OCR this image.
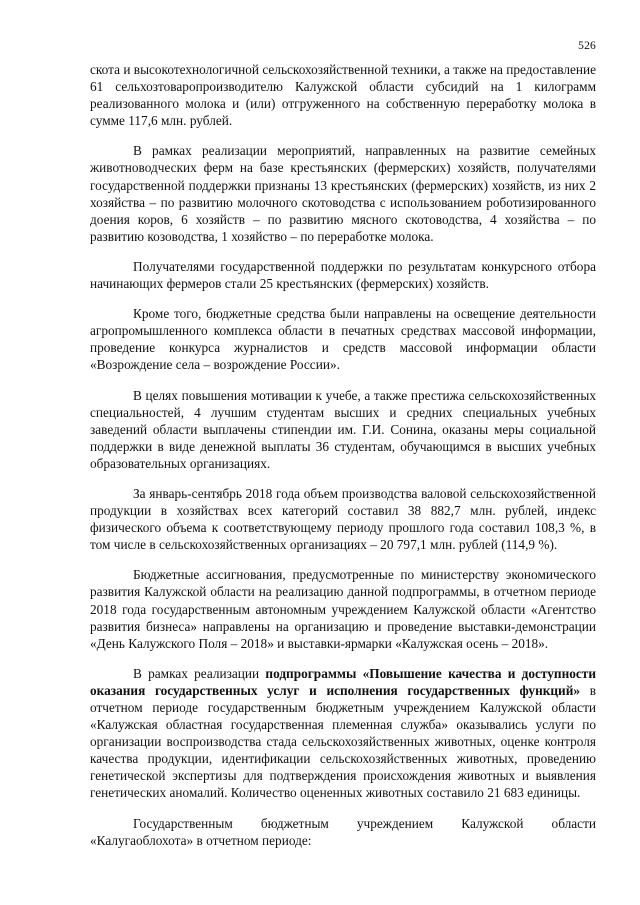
526

скота и высокотехнологичной сельскохозяйственной техники, а также на предоставление 61 сельхозтоваропроизводителю Калужской области субсидий на 1 килограмм реализованного молока и (или) отгруженного на собственную переработку молока в сумме 117,6 млн. рублей.

В рамках реализации мероприятий, направленных на развитие семейных животноводческих ферм на базе крестьянских (фермерских) хозяйств, получателями государственной поддержки признаны 13 крестьянских (фермерских) хозяйств, из них 2 хозяйства – по развитию молочного скотоводства с использованием роботизированного доения коров, 6 хозяйств – по развитию мясного скотоводства, 4 хозяйства – по развитию козоводства, 1 хозяйство – по переработке молока.

Получателями государственной поддержки по результатам конкурсного отбора начинающих фермеров стали 25 крестьянских (фермерских) хозяйств.

Кроме того, бюджетные средства были направлены на освещение деятельности агропромышленного комплекса области в печатных средствах массовой информации, проведение конкурса журналистов и средств массовой информации области «Возрождение села – возрождение России».

В целях повышения мотивации к учебе, а также престижа сельскохозяйственных специальностей, 4 лучшим студентам высших и средних специальных учебных заведений области выплачены стипендии им. Г.И. Сонина, оказаны меры социальной поддержки в виде денежной выплаты 36 студентам, обучающимся в высших учебных образовательных организациях.

За январь-сентябрь 2018 года объем производства валовой сельскохозяйственной продукции в хозяйствах всех категорий составил 38 882,7 млн. рублей, индекс физического объема к соответствующему периоду прошлого года составил 108,3 %, в том числе в сельскохозяйственных организациях – 20 797,1 млн. рублей (114,9 %).

Бюджетные ассигнования, предусмотренные по министерству экономического развития Калужской области на реализацию данной подпрограммы, в отчетном периоде 2018 года государственным автономным учреждением Калужской области «Агентство развития бизнеса» направлены на организацию и проведение выставки-демонстрации «День Калужского Поля – 2018» и выставки-ярмарки «Калужская осень – 2018».

В рамках реализации подпрограммы «Повышение качества и доступности оказания государственных услуг и исполнения государственных функций» в отчетном периоде государственным бюджетным учреждением Калужской области «Калужская областная государственная племенная служба» оказывались услуги по организации воспроизводства стада сельскохозяйственных животных, оценке контроля качества продукции, идентификации сельскохозяйственных животных, проведению генетической экспертизы для подтверждения происхождения животных и выявления генетических аномалий. Количество оцененных животных составило 21 683 единицы.

Государственным бюджетным учреждением Калужской области «Калугаоблохота» в отчетном периоде:
